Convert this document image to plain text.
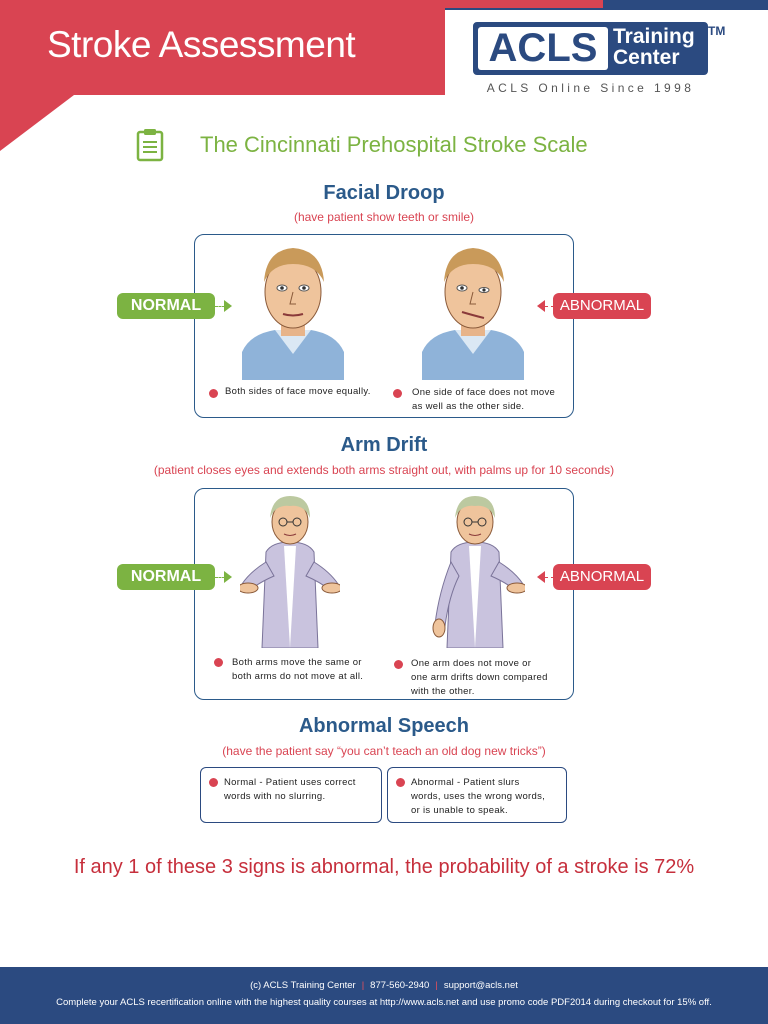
Stroke Assessment	ACLS Training
Center
TM
ACLS Online Since 1998
The Cincinnati Prehospital Stroke Scale
Facial Droop
(have patient show teeth or smile)
NORMAL	ABNORMAL
Both sides of face move equally.	One side of face does not move
as well as the other side.
Arm Drift
(patient closes eyes and extends both arms straight out, with palms up for 10 seconds)
NORMAL	ABNORMAL
Both arms move the same or
both arms do not move at all.
One arm does not move or
one arm drifts down compared
with the other.
Abnormal Speech
(have the patient say “you can’t teach an old dog new tricks”)
Normal - Patient uses correct
words with no slurring.
Abnormal - Patient slurs
words, uses the wrong words,
or is unable to speak.
If any 1 of these 3 signs is abnormal, the probability of a stroke is 72%
(c) ACLS Training Center | 877-560-2940 | support@acls.net
Complete your ACLS recertification online with the highest quality courses at http://www.acls.net and use promo code PDF2014 during checkout for 15% off.
